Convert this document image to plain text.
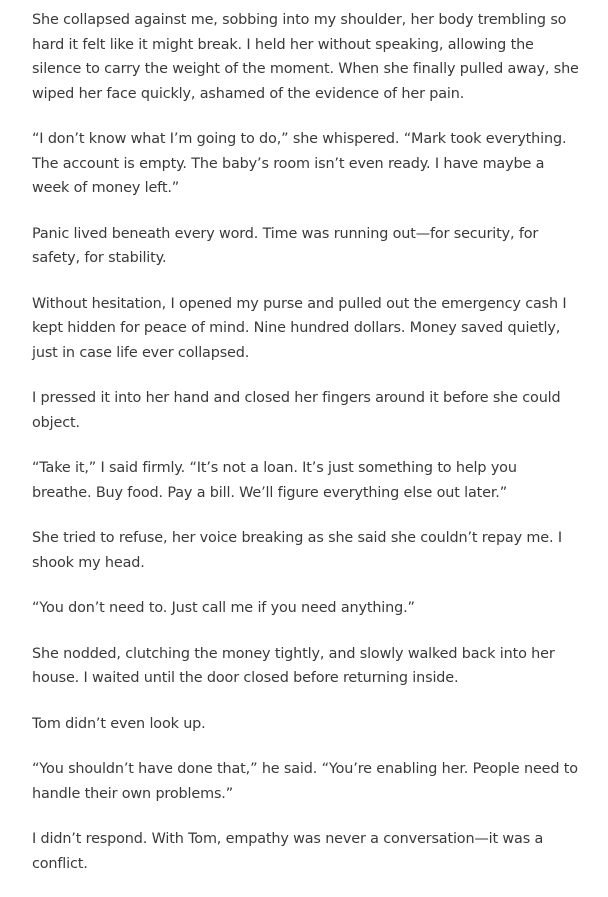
She collapsed against me, sobbing into my shoulder, her body trembling so hard it felt like it might break. I held her without speaking, allowing the silence to carry the weight of the moment. When she finally pulled away, she wiped her face quickly, ashamed of the evidence of her pain.

“I don’t know what I’m going to do,” she whispered. “Mark took everything. The account is empty. The baby’s room isn’t even ready. I have maybe a week of money left.”

Panic lived beneath every word. Time was running out—for security, for safety, for stability.

Without hesitation, I opened my purse and pulled out the emergency cash I kept hidden for peace of mind. Nine hundred dollars. Money saved quietly, just in case life ever collapsed.

I pressed it into her hand and closed her fingers around it before she could object.

“Take it,” I said firmly. “It’s not a loan. It’s just something to help you breathe. Buy food. Pay a bill. We’ll figure everything else out later.”

She tried to refuse, her voice breaking as she said she couldn’t repay me. I shook my head.

“You don’t need to. Just call me if you need anything.”

She nodded, clutching the money tightly, and slowly walked back into her house. I waited until the door closed before returning inside.

Tom didn’t even look up.

“You shouldn’t have done that,” he said. “You’re enabling her. People need to handle their own problems.”

I didn’t respond. With Tom, empathy was never a conversation—it was a conflict.
